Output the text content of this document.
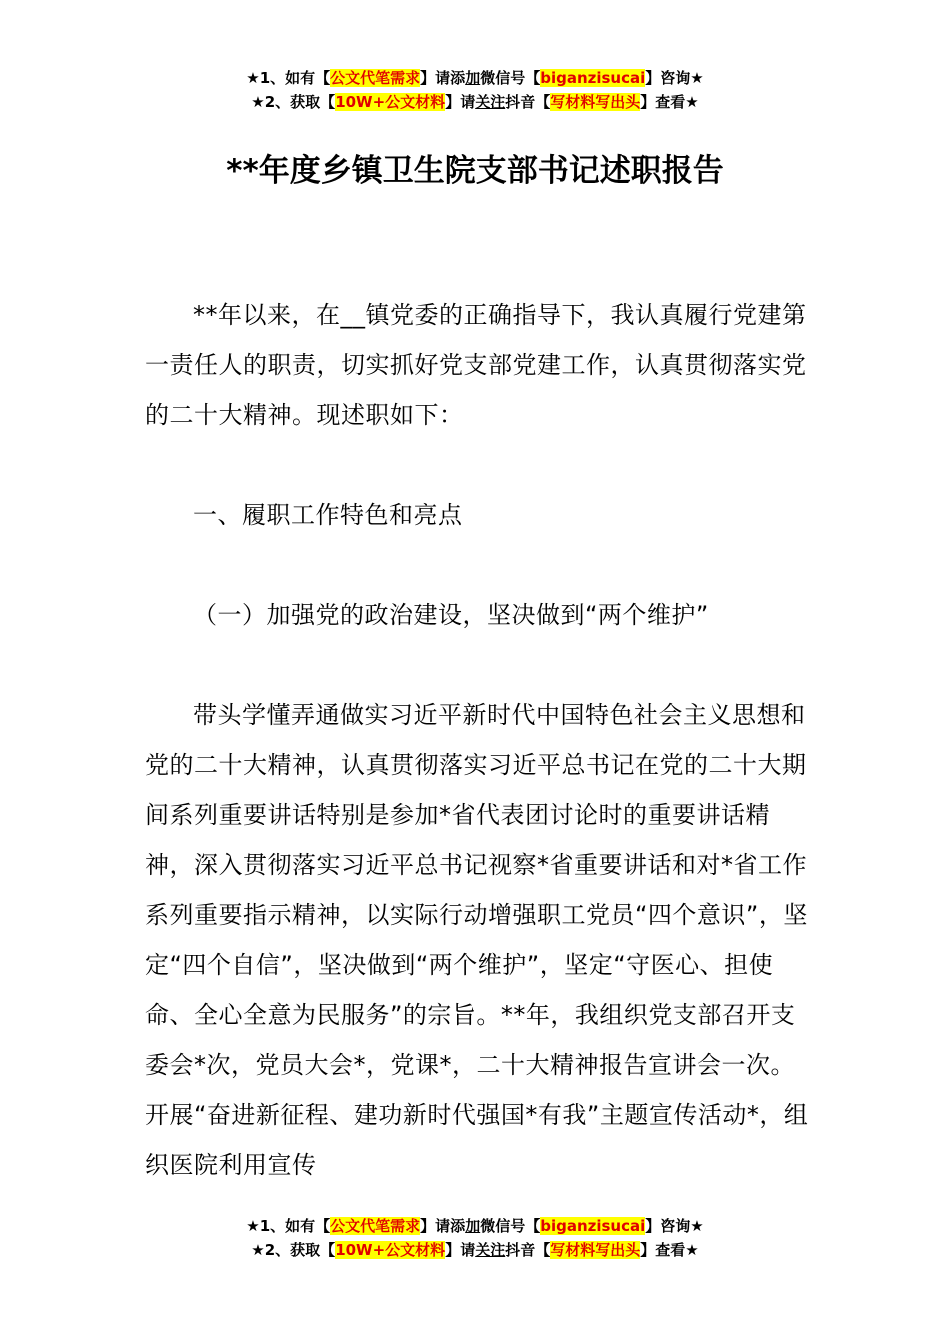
★1、如有【公文代笔需求】请添加微信号【biganzisucai】咨询★
★2、获取【10W+公文材料】请关注抖音【写材料写出头】查看★
**年度乡镇卫生院支部书记述职报告

**年以来，在__镇党委的正确指导下，我认真履行党建第一责任人的职责，切实抓好党支部党建工作，认真贯彻落实党的二十大精神。现述职如下：

一、履职工作特色和亮点

（一）加强党的政治建设，坚决做到“两个维护”

带头学懂弄通做实习近平新时代中国特色社会主义思想和党的二十大精神，认真贯彻落实习近平总书记在党的二十大期间系列重要讲话特别是参加*省代表团讨论时的重要讲话精神，深入贯彻落实习近平总书记视察*省重要讲话和对*省工作系列重要指示精神，以实际行动增强职工党员“四个意识”，坚定“四个自信”，坚决做到“两个维护”，坚定“守医心、担使命、全心全意为民服务”的宗旨。**年，我组织党支部召开支委会*次，党员大会*，党课*，二十大精神报告宣讲会一次。开展“奋进新征程、建功新时代强国*有我”主题宣传活动*，组织医院利用宣传

★1、如有【公文代笔需求】请添加微信号【biganzisucai】咨询★
★2、获取【10W+公文材料】请关注抖音【写材料写出头】查看★
